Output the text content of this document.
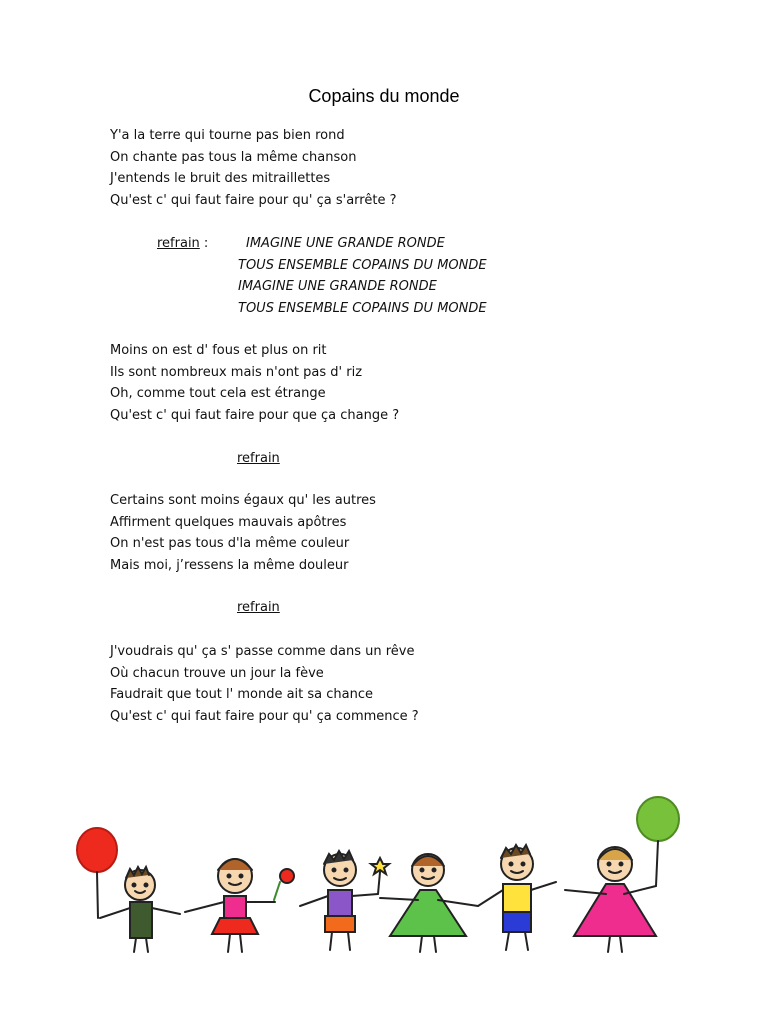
Copains du monde
Y'a la terre qui tourne pas bien rond
On chante pas tous la même chanson
J'entends le bruit des mitraillettes
Qu'est c' qui faut faire pour qu' ça s'arrête ?
refrain :	IMAGINE UNE GRANDE RONDE
TOUS ENSEMBLE COPAINS DU MONDE
IMAGINE UNE GRANDE RONDE
TOUS ENSEMBLE COPAINS DU MONDE
Moins on est d' fous et plus on rit
Ils sont nombreux mais n'ont pas d' riz
Oh, comme tout cela est étrange
Qu'est c' qui faut faire pour que ça change ?
refrain
Certains sont moins égaux qu' les autres
Affirment quelques mauvais apôtres
On n'est pas tous d'la même couleur
Mais moi, j’ressens la même douleur
refrain
J'voudrais qu' ça s' passe comme dans un rêve
Où chacun trouve un jour la fève
Faudrait que tout l' monde ait sa chance
Qu'est c' qui faut faire pour qu' ça commence ?
